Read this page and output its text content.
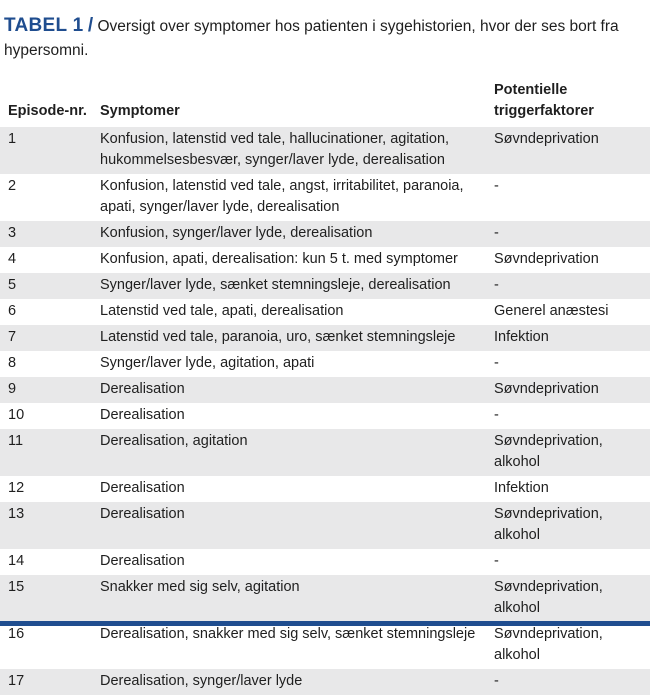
TABEL 1 / Oversigt over symptomer hos patienten i sygehistorien, hvor der ses bort fra hypersomni.
Episode-nr.	Symptomer	Potentielle triggerfaktorer
1	Konfusion, latenstid ved tale, hallucinationer, agitation, hukommelsesbesvær, synger/laver lyde, derealisation	Søvndeprivation
2	Konfusion, latenstid ved tale, angst, irritabilitet, paranoia, apati, synger/laver lyde, derealisation	-
3	Konfusion, synger/laver lyde, derealisation	-
4	Konfusion, apati, derealisation: kun 5 t. med symptomer	Søvndeprivation
5	Synger/laver lyde, sænket stemningsleje, derealisation	-
6	Latenstid ved tale, apati, derealisation	Generel anæstesi
7	Latenstid ved tale, paranoia, uro, sænket stemningsleje	Infektion
8	Synger/laver lyde, agitation, apati	-
9	Derealisation	Søvndeprivation
10	Derealisation	-
11	Derealisation, agitation	Søvndeprivation, alkohol
12	Derealisation	Infektion
13	Derealisation	Søvndeprivation, alkohol
14	Derealisation	-
15	Snakker med sig selv, agitation	Søvndeprivation, alkohol
16	Derealisation, snakker med sig selv, sænket stemningsleje	Søvndeprivation, alkohol
17	Derealisation, synger/laver lyde	-
